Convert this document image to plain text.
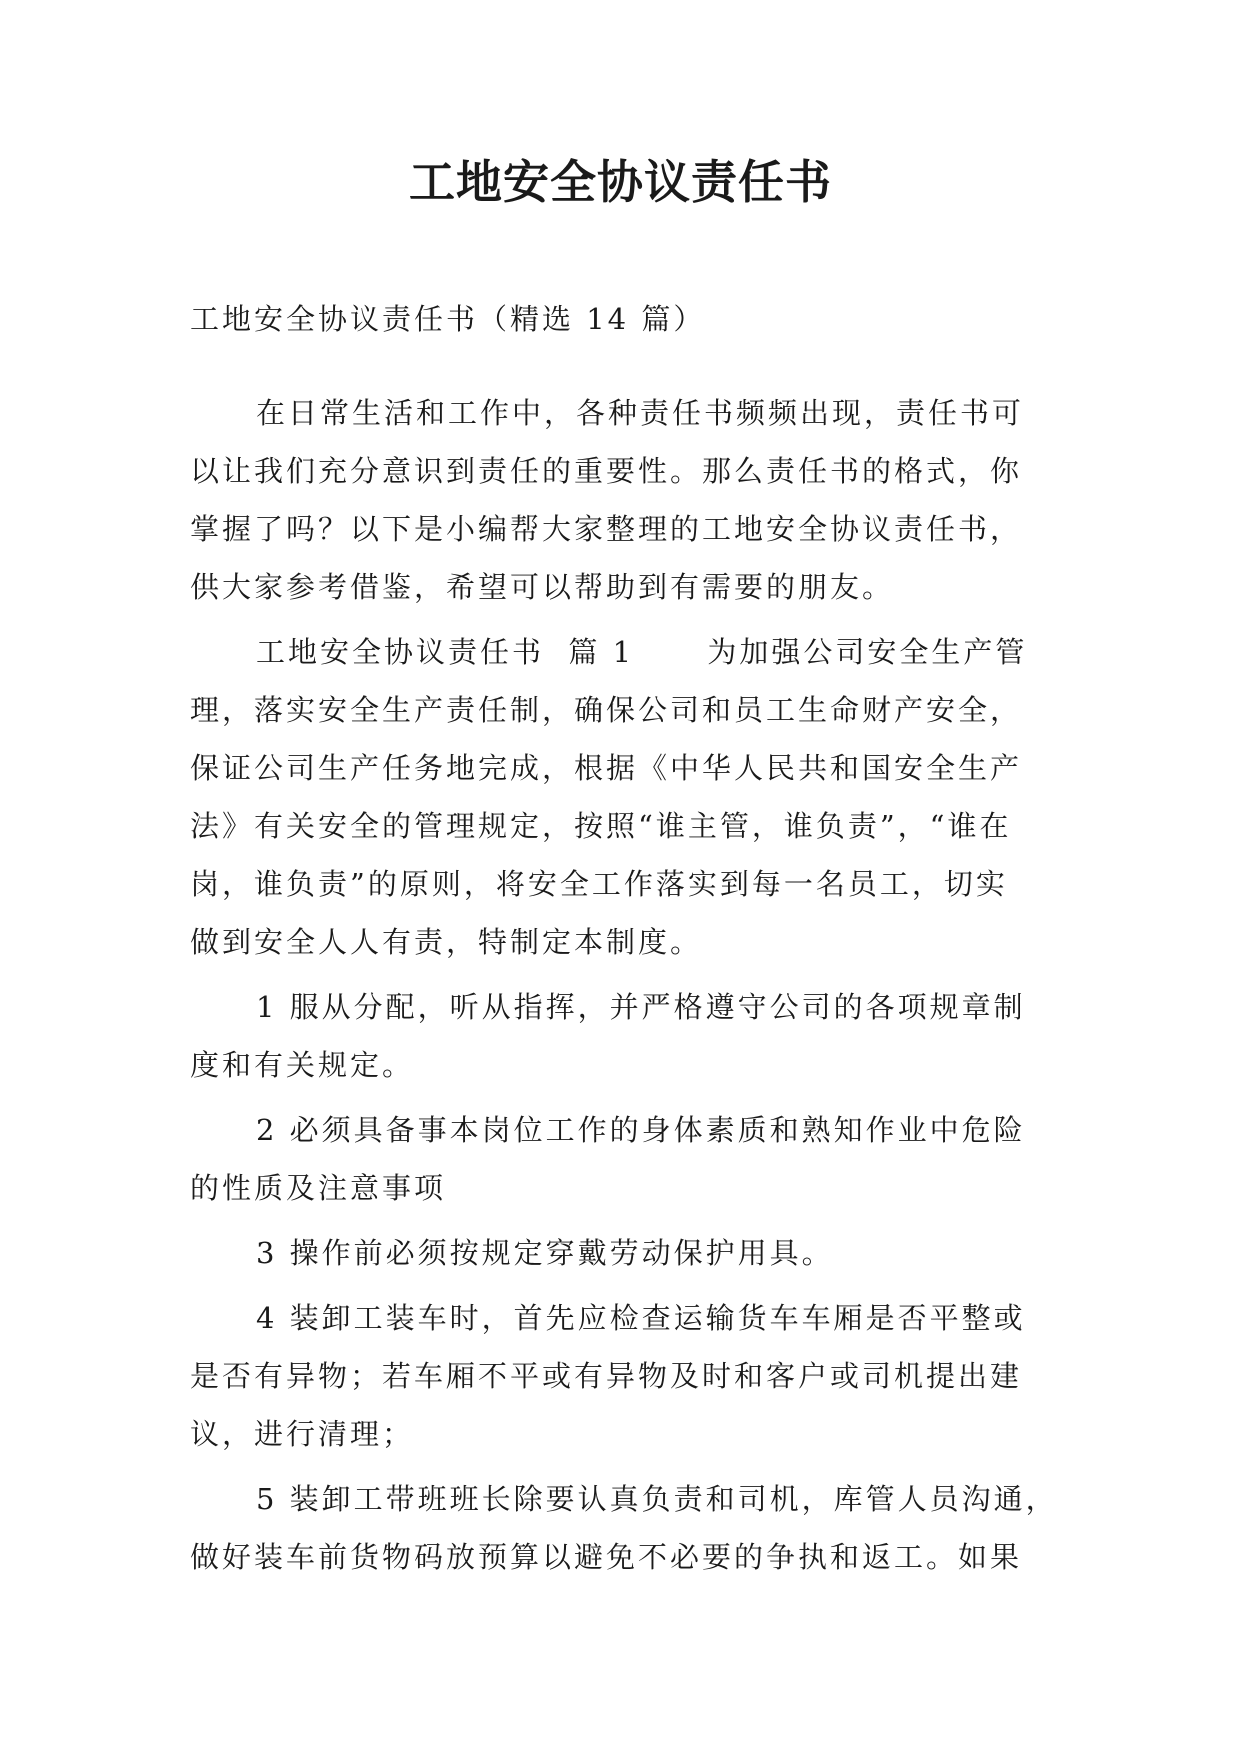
工地安全协议责任书
工地安全协议责任书（精选 14 篇）
在日常生活和工作中，各种责任书频频出现，责任书可
以让我们充分意识到责任的重要性。那么责任书的格式，你
掌握了吗？以下是小编帮大家整理的工地安全协议责任书，
供大家参考借鉴，希望可以帮助到有需要的朋友。
工地安全协议责任书  篇 1      为加强公司安全生产管
理，落实安全生产责任制，确保公司和员工生命财产安全，
保证公司生产任务地完成，根据《中华人民共和国安全生产
法》有关安全的管理规定，按照“谁主管，谁负责”，“谁在
岗，谁负责”的原则，将安全工作落实到每一名员工，切实
做到安全人人有责，特制定本制度。
1 服从分配，听从指挥，并严格遵守公司的各项规章制
度和有关规定。
2 必须具备事本岗位工作的身体素质和熟知作业中危险
的性质及注意事项
3 操作前必须按规定穿戴劳动保护用具。
4 装卸工装车时，首先应检查运输货车车厢是否平整或
是否有异物；若车厢不平或有异物及时和客户或司机提出建
议，进行清理；
5 装卸工带班班长除要认真负责和司机，库管人员沟通，
做好装车前货物码放预算以避免不必要的争执和返工。如果
